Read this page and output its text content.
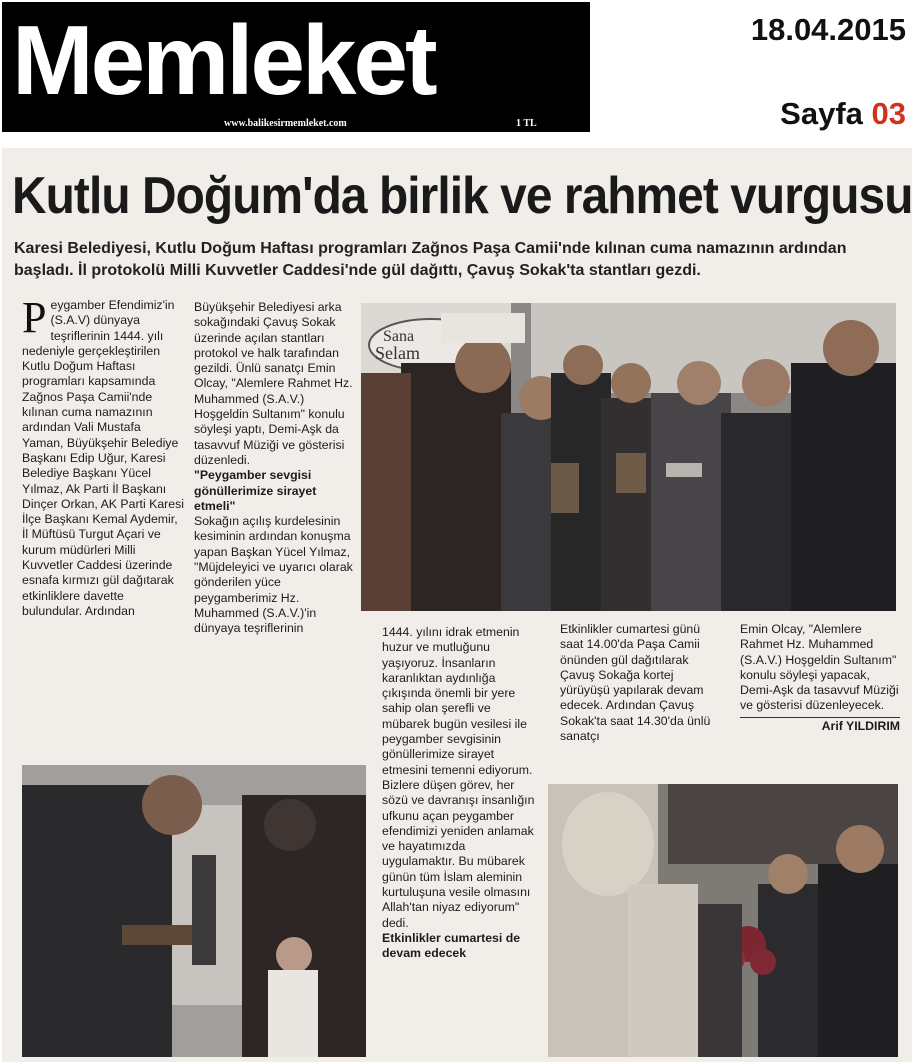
Memleket
www.balikesirmemleket.com	1 TL
18.04.2015
Sayfa 03
Kutlu Doğum'da birlik ve rahmet vurgusu
Karesi Belediyesi, Kutlu Doğum Haftası programları Zağnos Paşa Camii'nde kılınan cuma namazının ardından başladı. İl protokolü Milli Kuvvetler Caddesi'nde gül dağıttı, Çavuş Sokak'ta stantları gezdi.
Peygamber Efendimiz'in (S.A.V) dünyaya teşriflerinin 1444. yılı nedeniyle gerçekleştirilen Kutlu Doğum Haftası programları kapsamında Zağnos Paşa Camii'nde kılınan cuma namazının ardından Vali Mustafa Yaman, Büyükşehir Belediye Başkanı Edip Uğur, Karesi Belediye Başkanı Yücel Yılmaz, Ak Parti İl Başkanı Dinçer Orkan, AK Parti Karesi İlçe Başkanı Kemal Aydemir, İl Müftüsü Turgut Açari ve kurum müdürleri Milli Kuvvetler Caddesi üzerinde esnafa kırmızı gül dağıtarak etkinliklere davette bulundular. Ardından

Büyükşehir Belediyesi arka sokağındaki Çavuş Sokak üzerinde açılan stantları protokol ve halk tarafından gezildi. Ünlü sanatçı Emin Olcay, "Alemlere Rahmet Hz. Muhammed (S.A.V.) Hoşgeldin Sultanım" konulu söyleşi yaptı, Demi-Aşk da tasavvuf Müziği ve gösterisi düzenledi.

"Peygamber sevgisi gönüllerimize sirayet etmeli"

Sokağın açılış kurdelesinin kesiminin ardından konuşma yapan Başkan Yücel Yılmaz, "Müjdeleyici ve uyarıcı olarak gönderilen yüce peygamberimiz Hz. Muhammed (S.A.V.)'in dünyaya teşriflerinin

Sana
Selam

1444. yılını idrak etmenin huzur ve mutluğunu yaşıyoruz. İnsanların karanlıktan aydınlığa çıkışında önemli bir yere sahip olan şerefli ve mübarek bugün vesilesi ile peygamber sevgisinin gönüllerimize sirayet etmesini temenni ediyorum. Bizlere düşen görev, her sözü ve davranışı insanlığın ufkunu açan peygamber efendimizi yeniden anlamak ve hayatımızda uygulamaktır. Bu mübarek günün tüm İslam aleminin kurtuluşuna vesile olmasını Allah'tan niyaz ediyorum" dedi.

Etkinlikler cumartesi de devam edecek

Etkinlikler cumartesi günü saat 14.00'da Paşa Camii önünden gül dağıtılarak Çavuş Sokağa kortej yürüyüşü yapılarak devam edecek. Ardından Çavuş Sokak'ta saat 14.30'da ünlü sanatçı

Emin Olcay, "Alemlere Rahmet Hz. Muhammed (S.A.V.) Hoşgeldin Sultanım" konulu söyleşi yapacak, Demi-Aşk da tasavvuf Müziği ve gösterisi düzenleyecek.

Arif YILDIRIM
